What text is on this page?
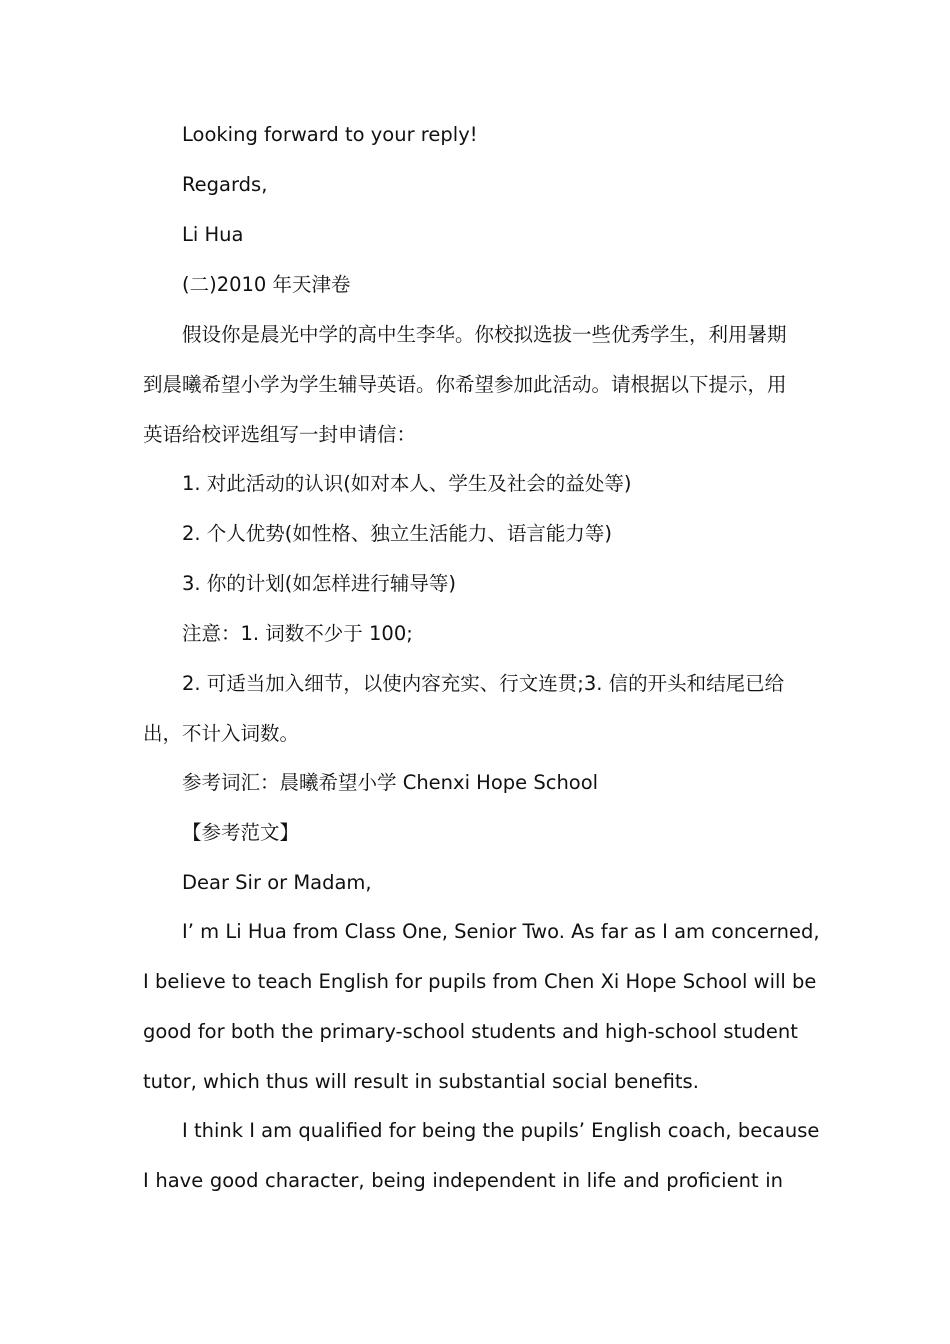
Looking forward to your reply!
Regards,
Li Hua
(二)2010 年天津卷
假设你是晨光中学的高中生李华。你校拟选拔一些优秀学生，利用暑期
到晨曦希望小学为学生辅导英语。你希望参加此活动。请根据以下提示，用
英语给校评选组写一封申请信：
1. 对此活动的认识(如对本人、学生及社会的益处等)
2. 个人优势(如性格、独立生活能力、语言能力等)
3. 你的计划(如怎样进行辅导等)
注意：1. 词数不少于 100;
2. 可适当加入细节，以使内容充实、行文连贯;3. 信的开头和结尾已给
出，不计入词数。
参考词汇：晨曦希望小学 Chenxi Hope School
【参考范文】
Dear Sir or Madam,
I’ m Li Hua from Class One, Senior Two. As far as I am concerned,
I believe to teach English for pupils from Chen Xi Hope School will be
good for both the primary-school students and high-school student
tutor, which thus will result in substantial social benefits.
I think I am qualified for being the pupils’ English coach, because
I have good character, being independent in life and proficient in
